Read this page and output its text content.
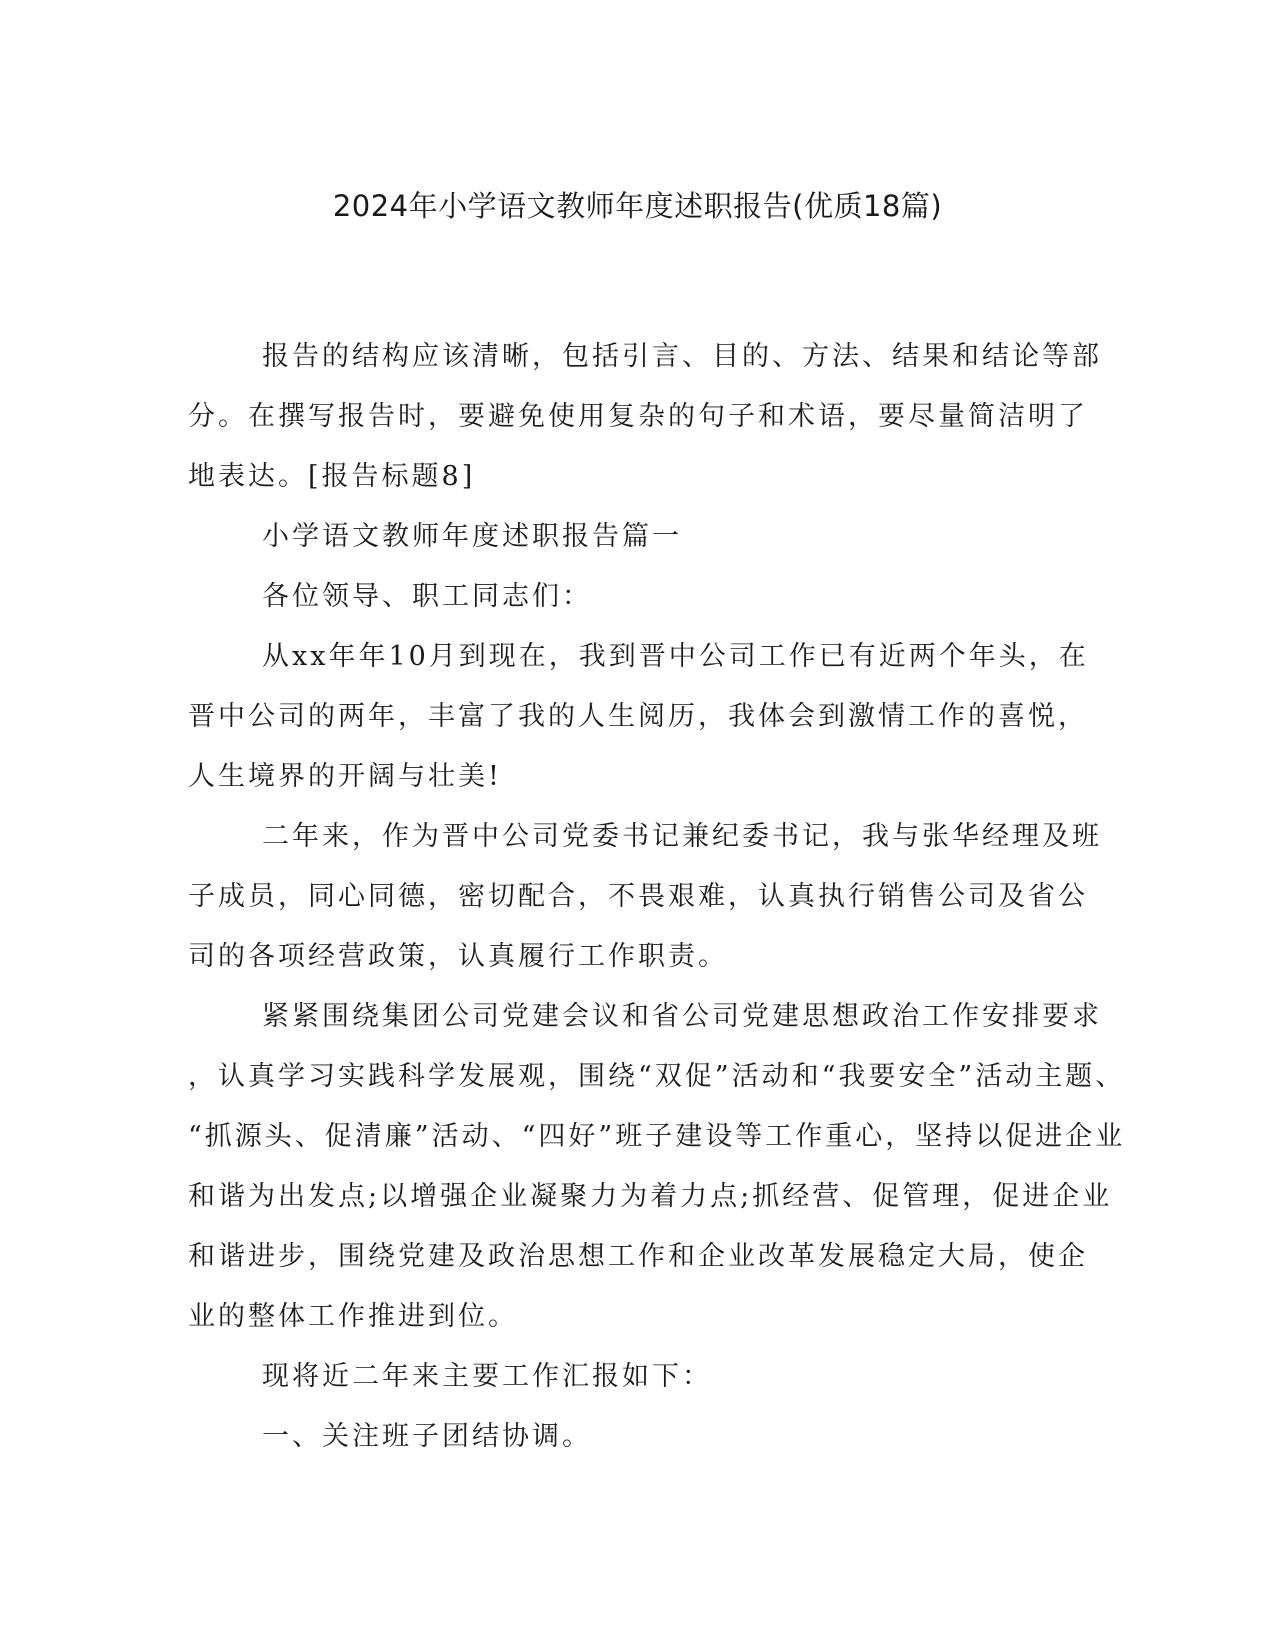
2024年小学语文教师年度述职报告(优质18篇)
报告的结构应该清晰，包括引言、目的、方法、结果和结论等部
分。在撰写报告时，要避免使用复杂的句子和术语，要尽量简洁明了
地表达。[报告标题8]
小学语文教师年度述职报告篇一
各位领导、职工同志们：
从xx年年10月到现在，我到晋中公司工作已有近两个年头，在
晋中公司的两年，丰富了我的人生阅历，我体会到激情工作的喜悦，
人生境界的开阔与壮美!
二年来，作为晋中公司党委书记兼纪委书记，我与张华经理及班
子成员，同心同德，密切配合，不畏艰难，认真执行销售公司及省公
司的各项经营政策，认真履行工作职责。
紧紧围绕集团公司党建会议和省公司党建思想政治工作安排要求
，认真学习实践科学发展观，围绕“双促”活动和“我要安全”活动主题、
“抓源头、促清廉”活动、“四好”班子建设等工作重心，坚持以促进企业
和谐为出发点;以增强企业凝聚力为着力点;抓经营、促管理，促进企业
和谐进步，围绕党建及政治思想工作和企业改革发展稳定大局，使企
业的整体工作推进到位。
现将近二年来主要工作汇报如下：
一、关注班子团结协调。
